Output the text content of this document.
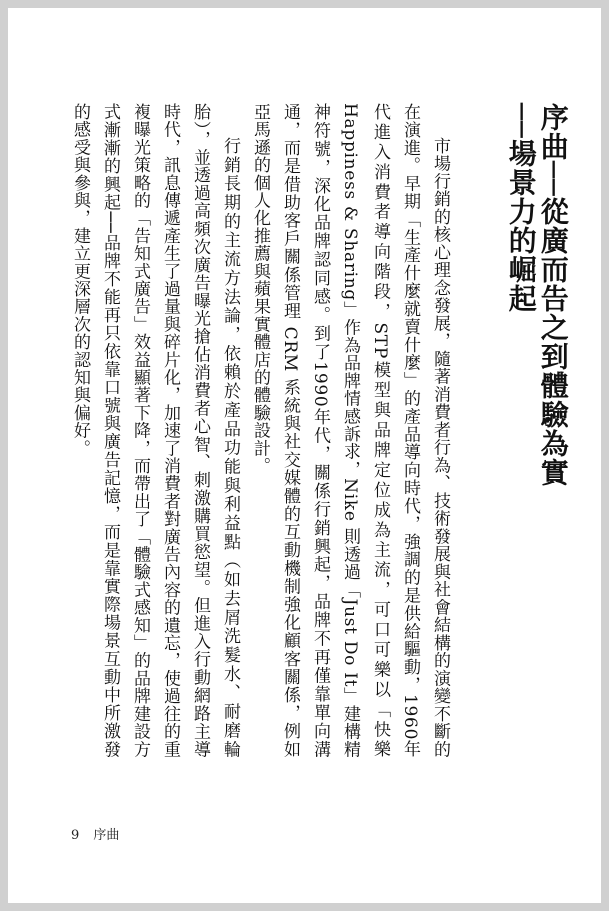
序曲──從廣而告之到體驗為實
──場景力的崛起

市場行銷的核心理念發展，隨著消費者行為、技術發展與社會結構的演變不斷的在演進。早期「生產什麼就賣什麼」的產品導向時代，強調的是供給驅動，1960年代進入消費者導向階段，STP模型與品牌定位成為主流，可口可樂以「快樂 Happiness & Sharing」作為品牌情感訴求，Nike 則透過「Just Do It」建構精神符號，深化品牌認同感。到了1990年代，關係行銷興起，品牌不再僅靠單向溝通，而是借助客戶關係管理 CRM 系統與社交媒體的互動機制強化顧客關係，例如亞馬遜的個人化推薦與蘋果實體店的體驗設計。

行銷長期的主流方法論，依賴於產品功能與利益點（如去屑洗髮水、耐磨輪胎），並透過高頻次廣告曝光搶佔消費者心智、刺激購買慾望。但進入行動網路主導時代，訊息傳遞產生了過量與碎片化，加速了消費者對廣告內容的遺忘，使過往的重複曝光策略的「告知式廣告」效益顯著下降，而帶出了「體驗式感知」的品牌建設方式漸漸的興起──品牌不能再只依靠口號與廣告記憶，而是靠實際場景互動中所激發的感受與參與，建立更深層次的認知與偏好。

9 序曲
